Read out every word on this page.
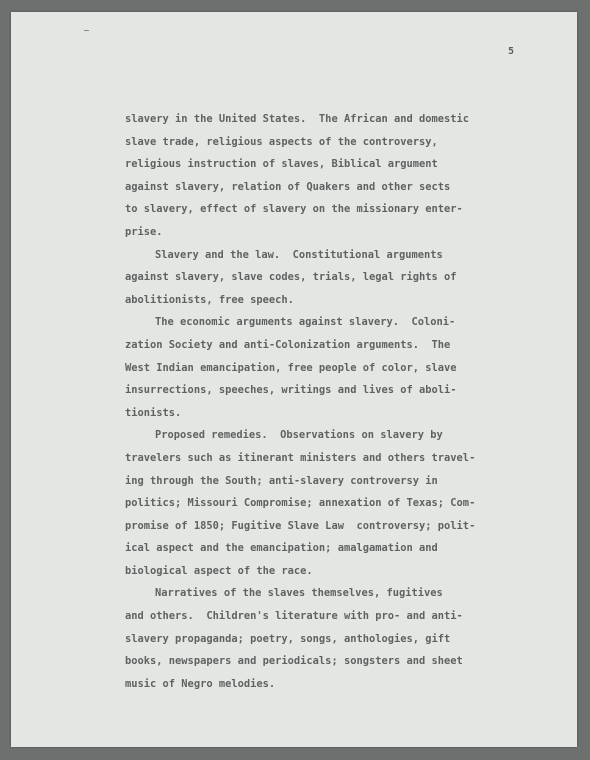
5
slavery in the United States.  The African and domestic
slave trade, religious aspects of the controversy,
religious instruction of slaves, Biblical argument
against slavery, relation of Quakers and other sects
to slavery, effect of slavery on the missionary enter-
prise.
Slavery and the law.  Constitutional arguments
against slavery, slave codes, trials, legal rights of
abolitionists, free speech.
The economic arguments against slavery.  Coloni-
zation Society and anti-Colonization arguments.  The
West Indian emancipation, free people of color, slave
insurrections, speeches, writings and lives of aboli-
tionists.
Proposed remedies.  Observations on slavery by
travelers such as itinerant ministers and others travel-
ing through the South; anti-slavery controversy in
politics; Missouri Compromise; annexation of Texas; Com-
promise of 1850; Fugitive Slave Law  controversy; polit-
ical aspect and the emancipation; amalgamation and
biological aspect of the race.
Narratives of the slaves themselves, fugitives
and others.  Children's literature with pro- and anti-
slavery propaganda; poetry, songs, anthologies, gift
books, newspapers and periodicals; songsters and sheet
music of Negro melodies.
